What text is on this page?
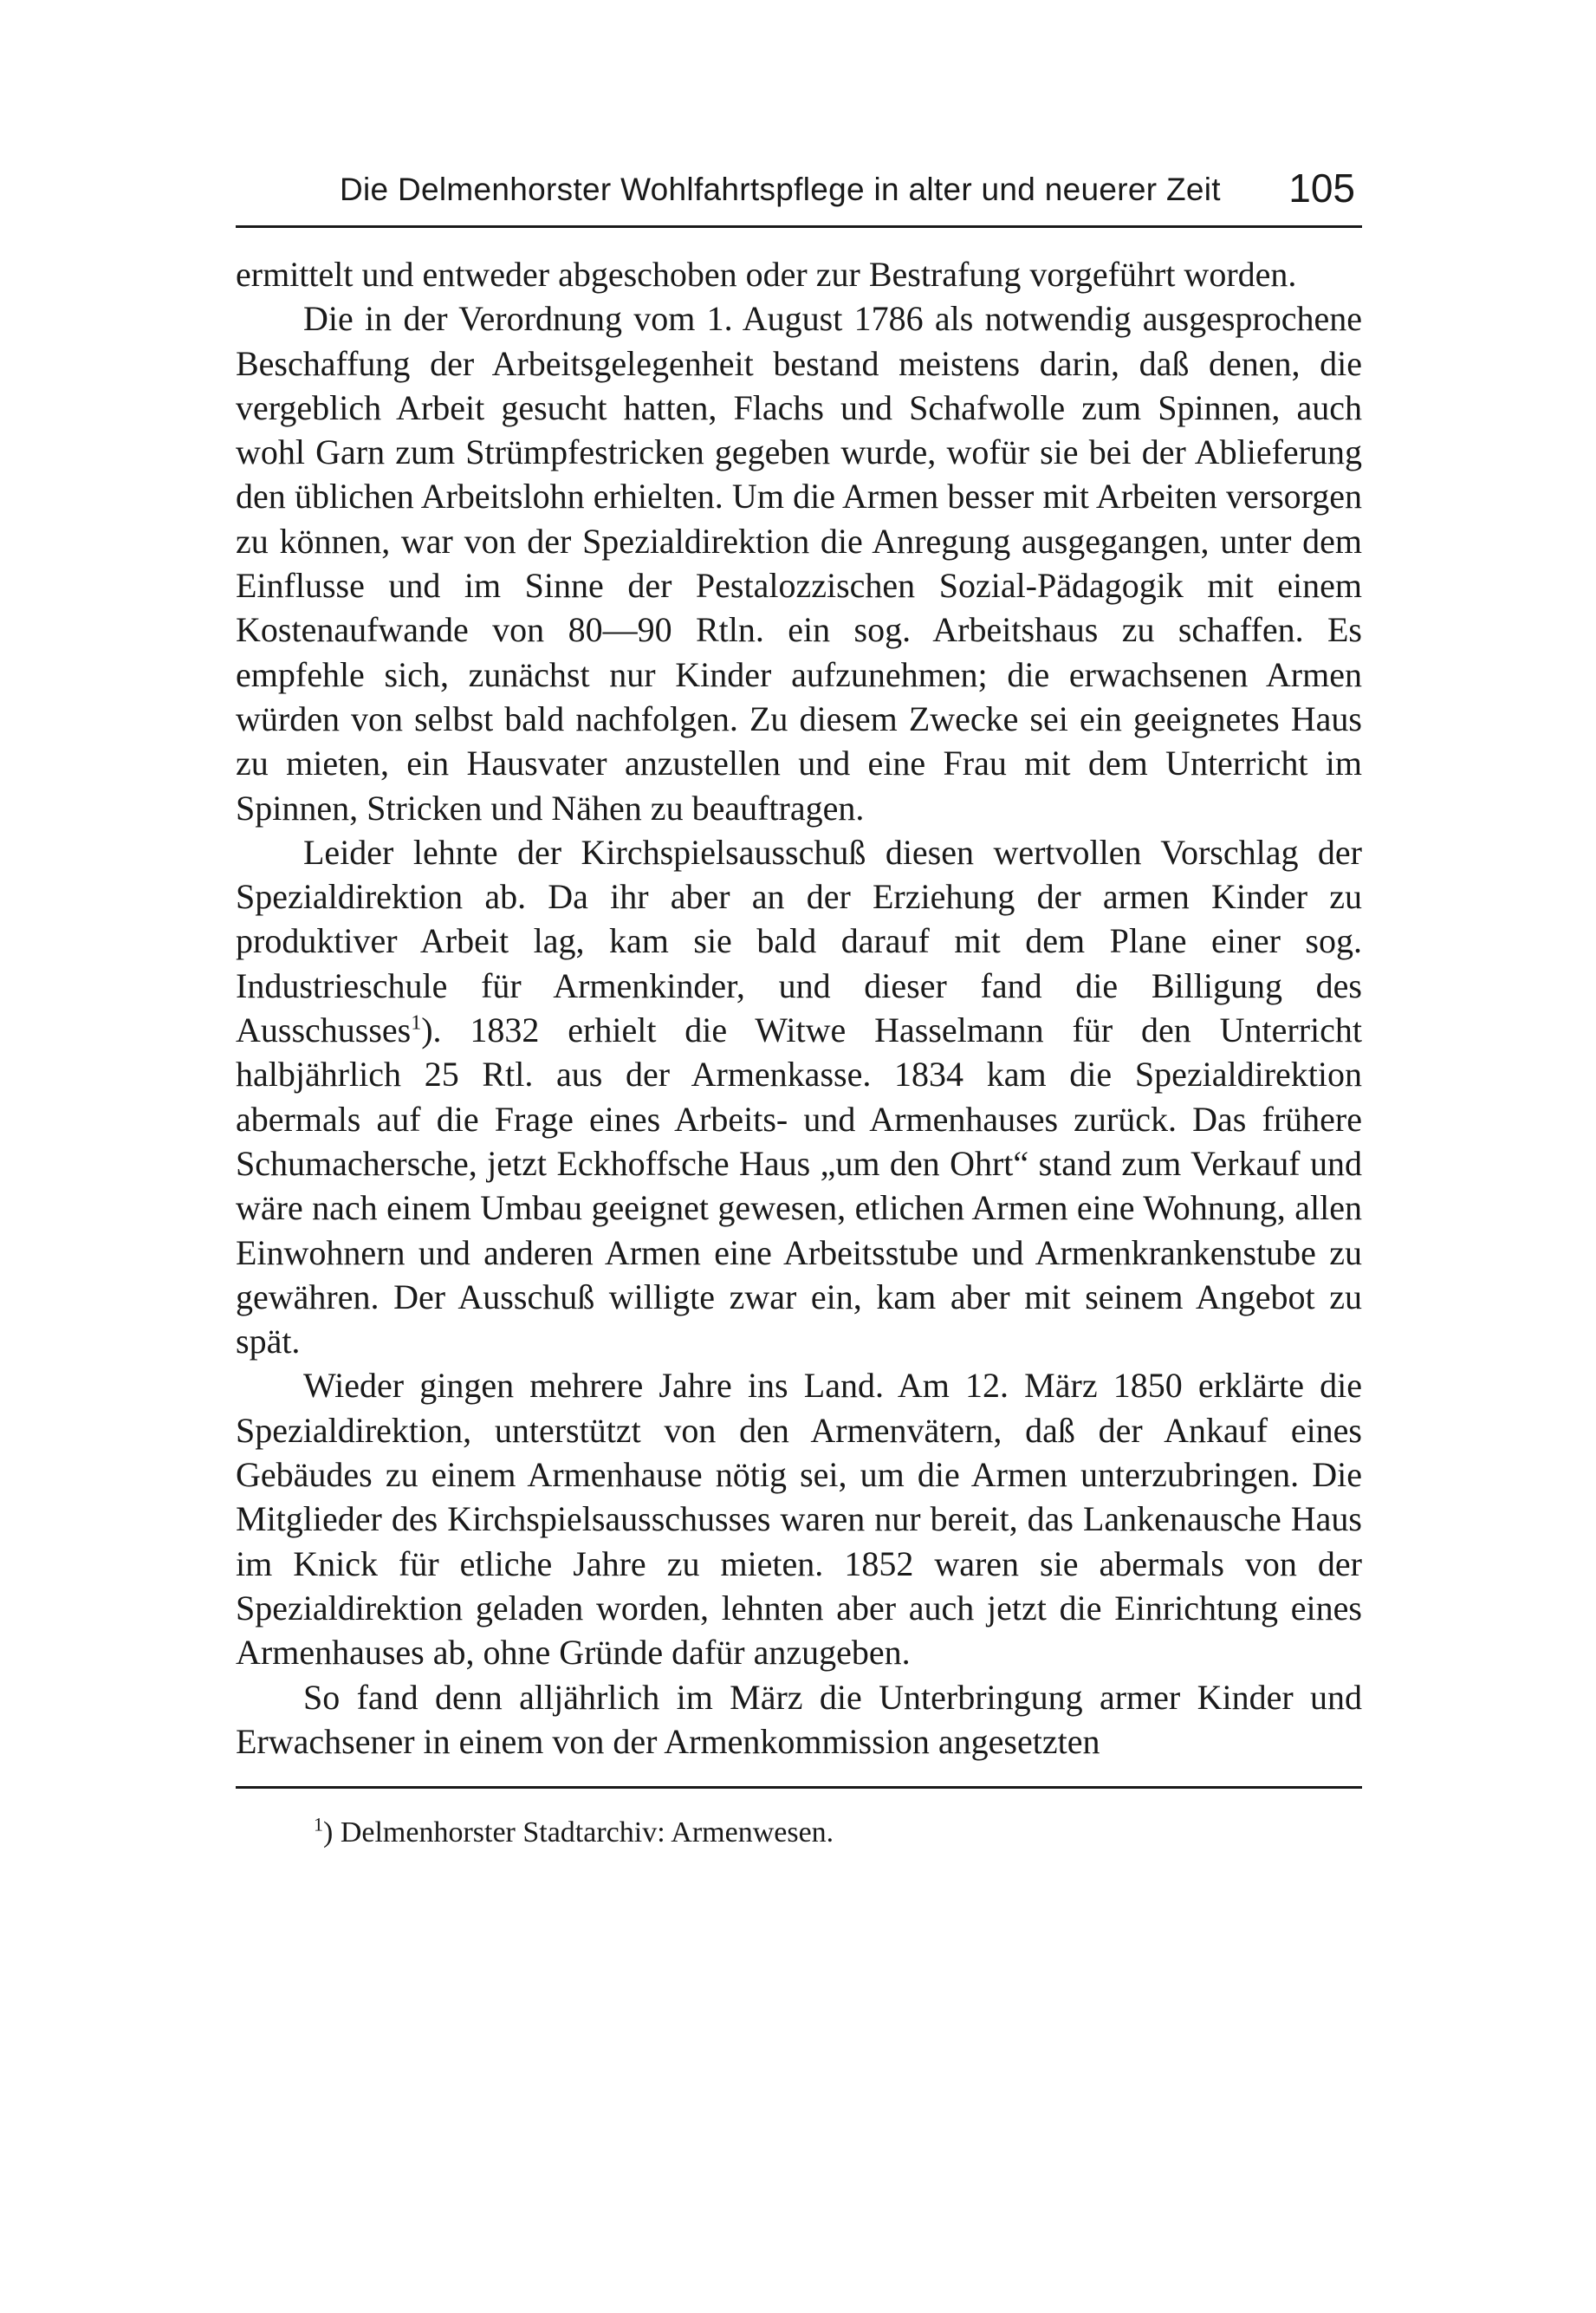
Die Delmenhorster Wohlfahrtspflege in alter und neuerer Zeit 105

ermittelt und entweder abgeschoben oder zur Bestrafung vorgeführt worden.

Die in der Verordnung vom 1. August 1786 als notwendig ausgesprochene Beschaffung der Arbeitsgelegenheit bestand meistens darin, daß denen, die vergeblich Arbeit gesucht hatten, Flachs und Schafwolle zum Spinnen, auch wohl Garn zum Strümpfestricken gegeben wurde, wofür sie bei der Ablieferung den üblichen Arbeitslohn erhielten. Um die Armen besser mit Arbeiten versorgen zu können, war von der Spezialdirektion die Anregung ausgegangen, unter dem Einflusse und im Sinne der Pestalozzischen Sozial-Pädagogik mit einem Kostenaufwande von 80—90 Rtln. ein sog. Arbeitshaus zu schaffen. Es empfehle sich, zunächst nur Kinder aufzunehmen; die erwachsenen Armen würden von selbst bald nachfolgen. Zu diesem Zwecke sei ein geeignetes Haus zu mieten, ein Hausvater anzustellen und eine Frau mit dem Unterricht im Spinnen, Stricken und Nähen zu beauftragen.

Leider lehnte der Kirchspielsausschuß diesen wertvollen Vorschlag der Spezialdirektion ab. Da ihr aber an der Erziehung der armen Kinder zu produktiver Arbeit lag, kam sie bald darauf mit dem Plane einer sog. Industrieschule für Armenkinder, und dieser fand die Billigung des Ausschusses$^1$). 1832 erhielt die Witwe Hasselmann für den Unterricht halbjährlich 25 Rtl. aus der Armenkasse. 1834 kam die Spezialdirektion abermals auf die Frage eines Arbeits- und Armenhauses zurück. Das frühere Schumachersche, jetzt Eckhoffsche Haus „um den Ohrt“ stand zum Verkauf und wäre nach einem Umbau geeignet gewesen, etlichen Armen eine Wohnung, allen Einwohnern und anderen Armen eine Arbeitsstube und Armenkrankenstube zu gewähren. Der Ausschuß willigte zwar ein, kam aber mit seinem Angebot zu spät.

Wieder gingen mehrere Jahre ins Land. Am 12. März 1850 erklärte die Spezialdirektion, unterstützt von den Armenvätern, daß der Ankauf eines Gebäudes zu einem Armenhause nötig sei, um die Armen unterzubringen. Die Mitglieder des Kirchspielsausschusses waren nur bereit, das Lankenausche Haus im Knick für etliche Jahre zu mieten. 1852 waren sie abermals von der Spezialdirektion geladen worden, lehnten aber auch jetzt die Einrichtung eines Armenhauses ab, ohne Gründe dafür anzugeben.

So fand denn alljährlich im März die Unterbringung armer Kinder und Erwachsener in einem von der Armenkommission angesetzten

$^1$) Delmenhorster Stadtarchiv: Armenwesen.
